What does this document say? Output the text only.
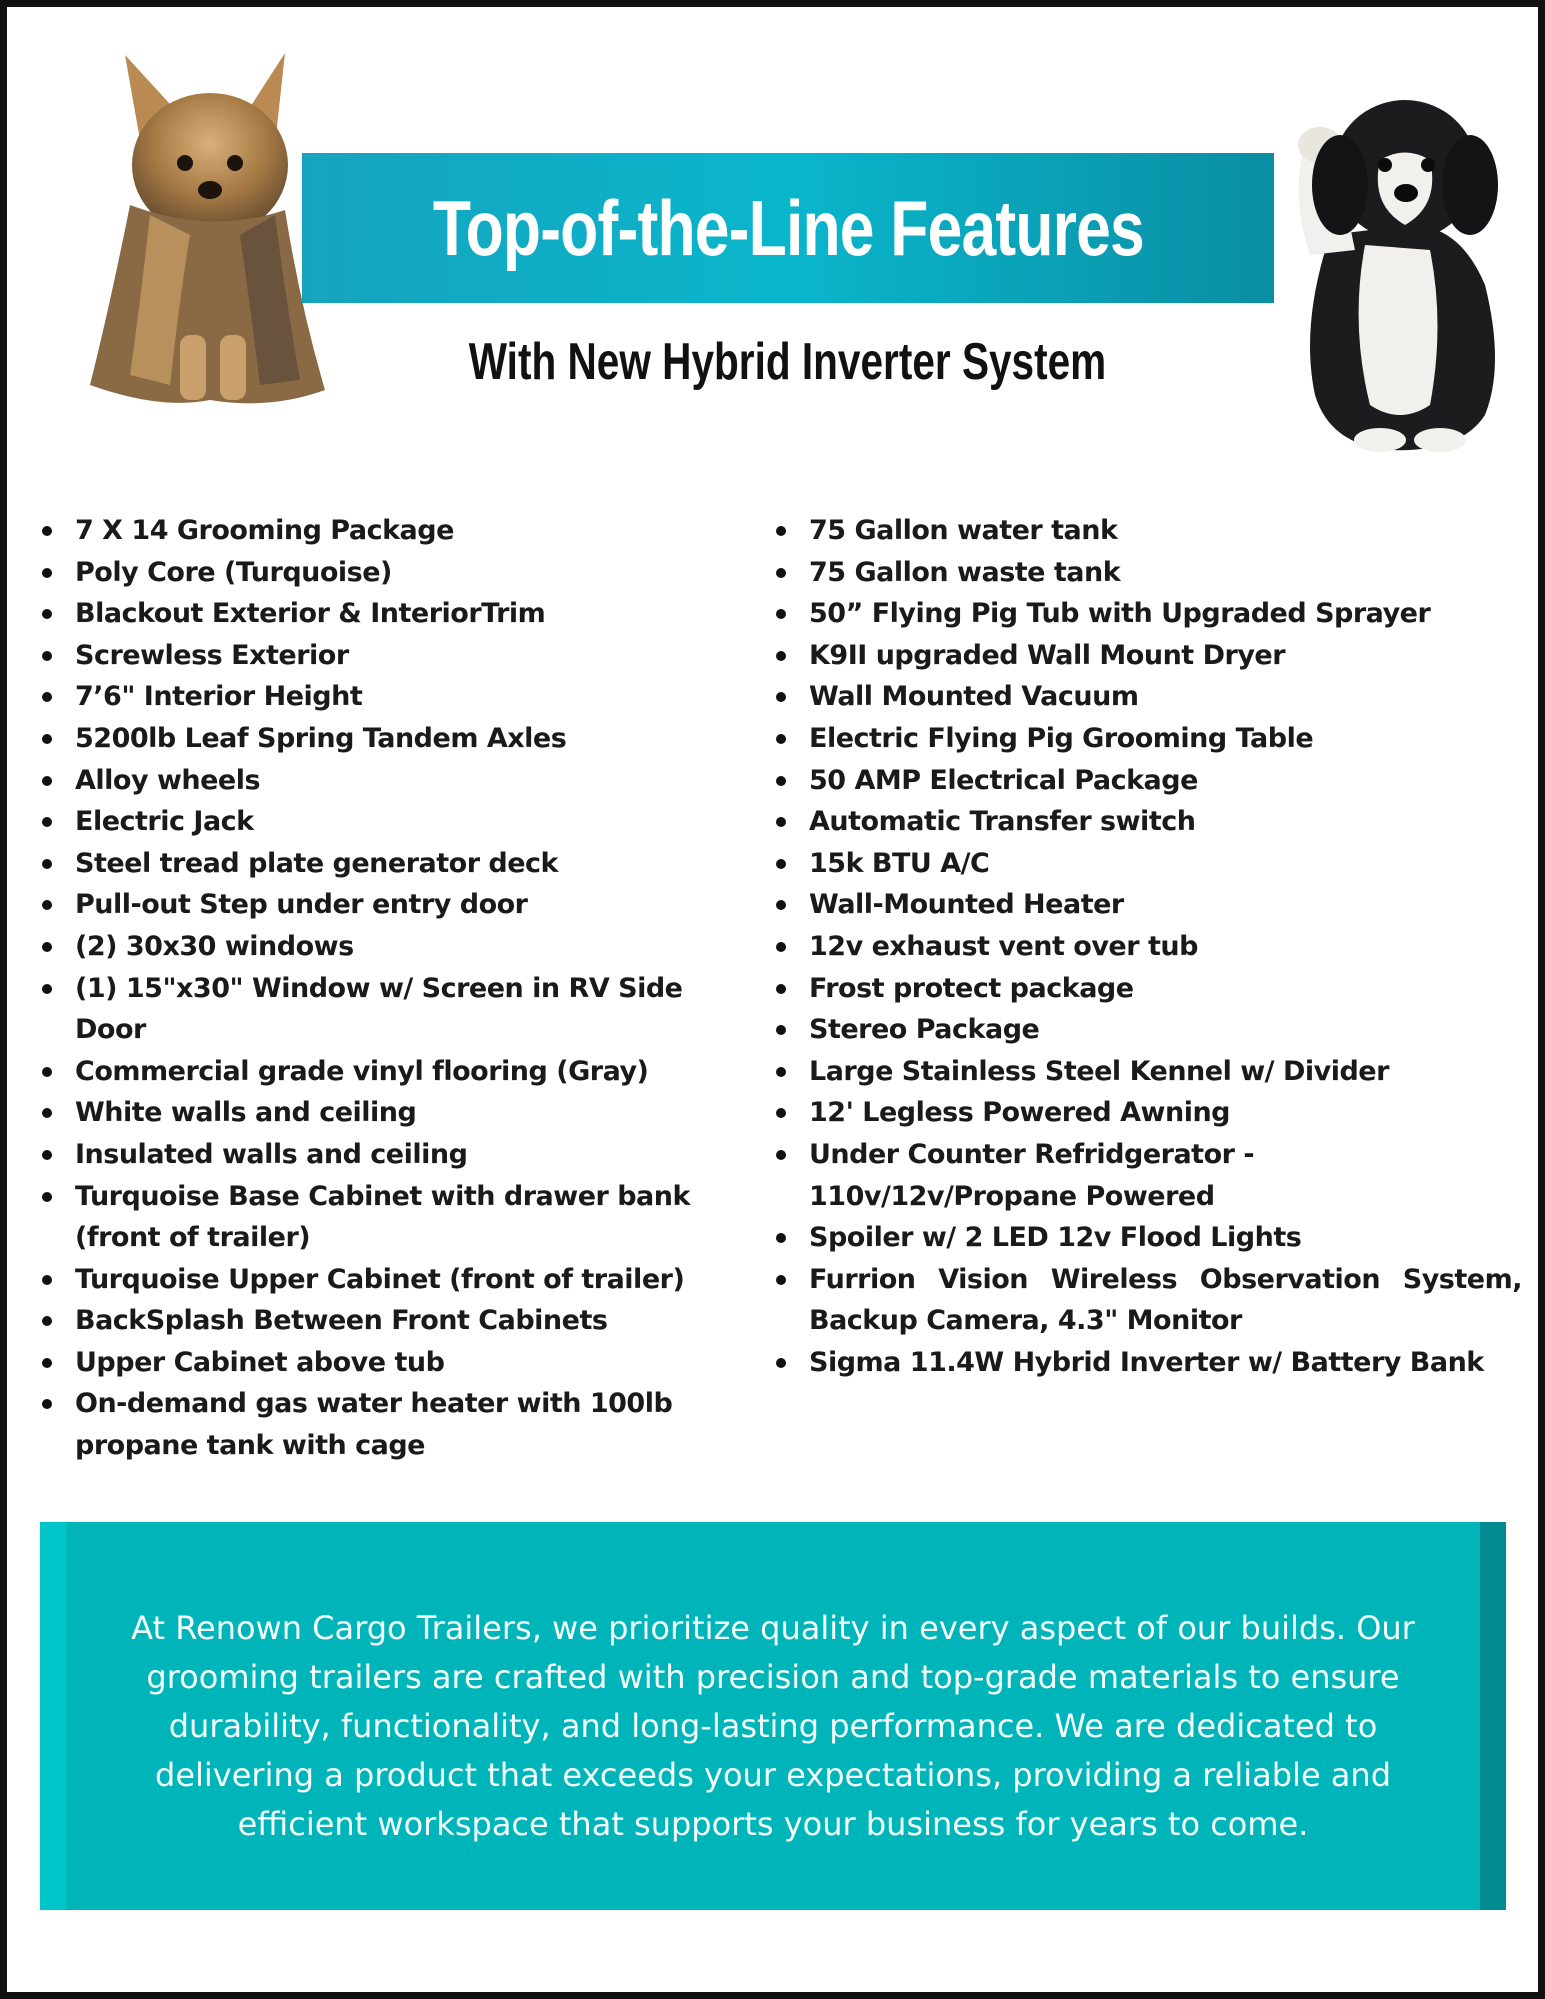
Top-of-the-Line Features
With New Hybrid Inverter System
7 X 14 Grooming Package
Poly Core (Turquoise)
Blackout Exterior & InteriorTrim
Screwless Exterior
7’6" Interior Height
5200lb Leaf Spring Tandem Axles
Alloy wheels
Electric Jack
Steel tread plate generator deck
Pull-out Step under entry door
(2) 30x30 windows
(1) 15"x30" Window w/ Screen in RV Side Door
Commercial grade vinyl flooring (Gray)
White walls and ceiling
Insulated walls and ceiling
Turquoise Base Cabinet with drawer bank (front of trailer)
Turquoise Upper Cabinet (front of trailer)
BackSplash Between Front Cabinets
Upper Cabinet above tub
On-demand gas water heater with 100lb propane tank with cage
75 Gallon water tank
75 Gallon waste tank
50” Flying Pig Tub with Upgraded Sprayer
K9II upgraded Wall Mount Dryer
Wall Mounted Vacuum
Electric Flying Pig Grooming Table
50 AMP Electrical Package
Automatic Transfer switch
15k BTU A/C
Wall-Mounted Heater
12v exhaust vent over tub
Frost protect package
Stereo Package
Large Stainless Steel Kennel w/ Divider
12' Legless Powered Awning
Under Counter Refridgerator - 110v/12v/Propane Powered
Spoiler w/ 2 LED 12v Flood Lights
Furrion Vision Wireless Observation System, Backup Camera, 4.3" Monitor
Sigma 11.4W Hybrid Inverter w/ Battery Bank

At Renown Cargo Trailers, we prioritize quality in every aspect of our builds. Our grooming trailers are crafted with precision and top-grade materials to ensure durability, functionality, and long-lasting performance. We are dedicated to delivering a product that exceeds your expectations, providing a reliable and efficient workspace that supports your business for years to come.
